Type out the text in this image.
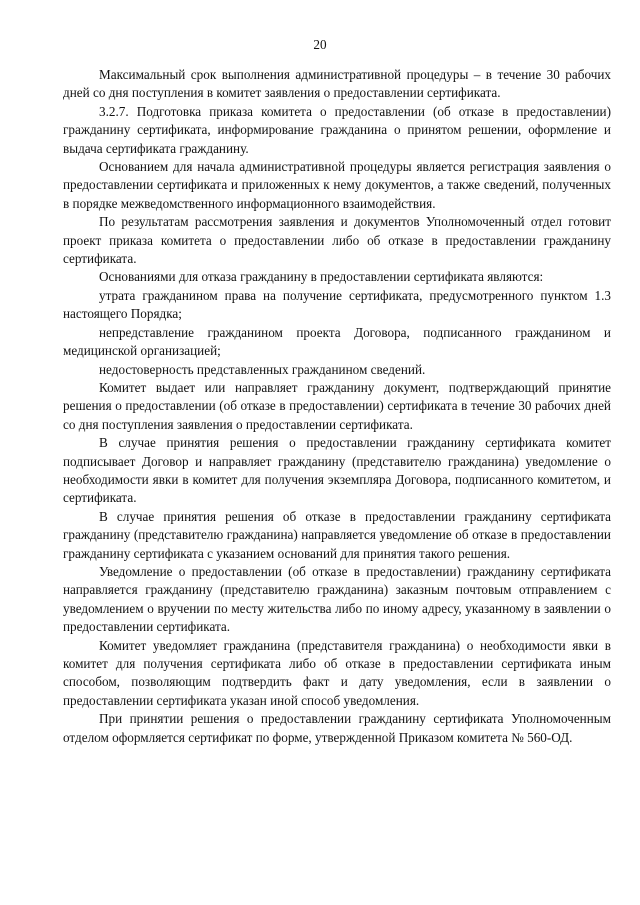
20

Максимальный срок выполнения административной процедуры – в течение 30 рабочих дней со дня поступления в комитет заявления о предоставлении сертификата.

3.2.7. Подготовка приказа комитета о предоставлении (об отказе в предоставлении) гражданину сертификата, информирование гражданина о принятом решении, оформление и выдача сертификата гражданину.

Основанием для начала административной процедуры является регистрация заявления о предоставлении сертификата и приложенных к нему документов, а также сведений, полученных в порядке межведомственного информационного взаимодействия.

По результатам рассмотрения заявления и документов Уполномоченный отдел готовит проект приказа комитета о предоставлении либо об отказе в предоставлении гражданину сертификата.

Основаниями для отказа гражданину в предоставлении сертификата являются:

утрата гражданином права на получение сертификата, предусмотренного пунктом 1.3 настоящего Порядка;

непредставление гражданином проекта Договора, подписанного гражданином и медицинской организацией;

недостоверность представленных гражданином сведений.

Комитет выдает или направляет гражданину документ, подтверждающий принятие решения о предоставлении (об отказе в предоставлении) сертификата в течение 30 рабочих дней со дня поступления заявления о предоставлении сертификата.

В случае принятия решения о предоставлении гражданину сертификата комитет подписывает Договор и направляет гражданину (представителю гражданина) уведомление о необходимости явки в комитет для получения экземпляра Договора, подписанного комитетом, и сертификата.

В случае принятия решения об отказе в предоставлении гражданину сертификата гражданину (представителю гражданина) направляется уведомление об отказе в предоставлении гражданину сертификата с указанием оснований для принятия такого решения.

Уведомление о предоставлении (об отказе в предоставлении) гражданину сертификата направляется гражданину (представителю гражданина) заказным почтовым отправлением с уведомлением о вручении по месту жительства либо по иному адресу, указанному в заявлении о предоставлении сертификата.

Комитет уведомляет гражданина (представителя гражданина) о необходимости явки в комитет для получения сертификата либо об отказе в предоставлении сертификата иным способом, позволяющим подтвердить факт и дату уведомления, если в заявлении о предоставлении сертификата указан иной способ уведомления.

При принятии решения о предоставлении гражданину сертификата Уполномоченным отделом оформляется сертификат по форме, утвержденной Приказом комитета № 560-ОД.
